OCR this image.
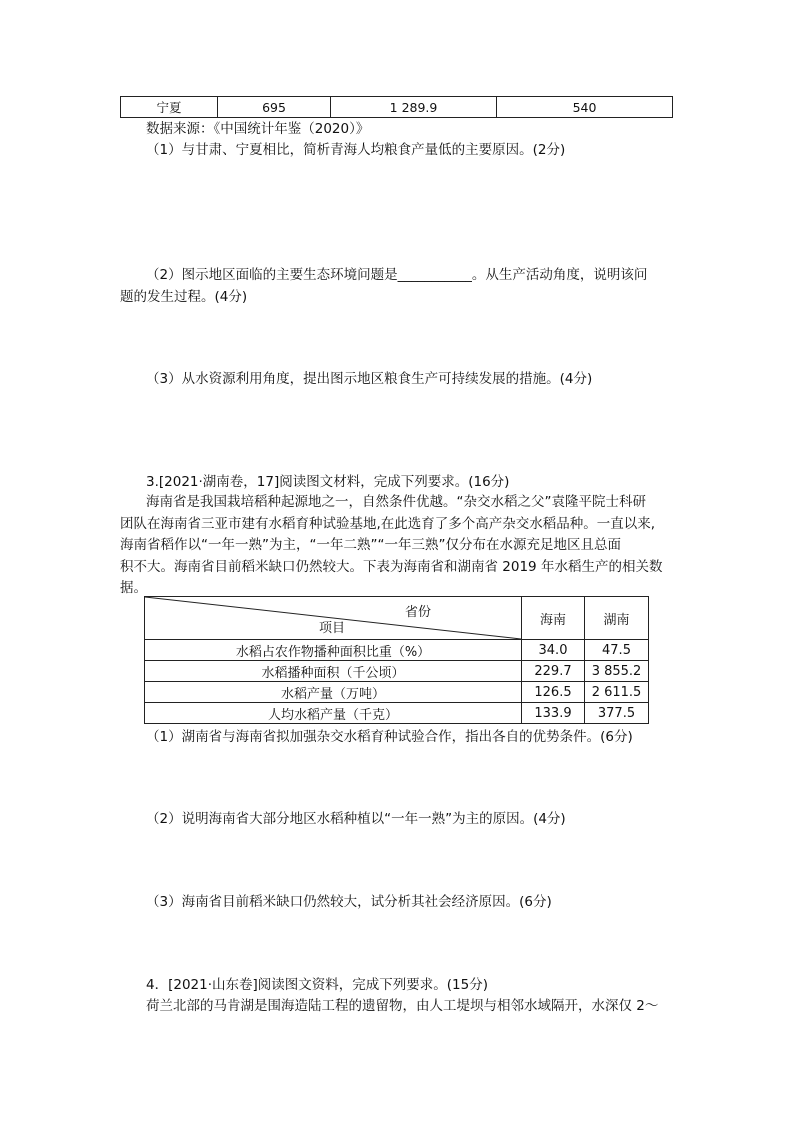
宁夏	695	1 289.9	540
数据来源：《中国统计年鉴（2020）》
（1）与甘肃、宁夏相比，简析青海人均粮食产量低的主要原因。(2分)
（2）图示地区面临的主要生态环境问题是___________。从生产活动角度，说明该问
题的发生过程。(4分)
（3）从水资源利用角度，提出图示地区粮食生产可持续发展的措施。(4分)
3.[2021·湖南卷，17]阅读图文材料，完成下列要求。(16分)
海南省是我国栽培稻种起源地之一，自然条件优越。“杂交水稻之父”袁隆平院士科研
团队在海南省三亚市建有水稻育种试验基地,在此选育了多个高产杂交水稻品种。一直以来,
海南省稻作以“一年一熟”为主，“一年二熟”“一年三熟”仅分布在水源充足地区且总面
积不大。海南省目前稻米缺口仍然较大。下表为海南省和湖南省 2019 年水稻生产的相关数
据。
省份
项目	海南	湖南
水稻占农作物播种面积比重（%）	34.0	47.5
水稻播种面积（千公顷）	229.7	3 855.2
水稻产量（万吨）	126.5	2 611.5
人均水稻产量（千克）	133.9	377.5
（1）湖南省与海南省拟加强杂交水稻育种试验合作，指出各自的优势条件。(6分)
（2）说明海南省大部分地区水稻种植以“一年一熟”为主的原因。(4分)
（3）海南省目前稻米缺口仍然较大，试分析其社会经济原因。(6分)
4．[2021·山东卷]阅读图文资料，完成下列要求。(15分)
荷兰北部的马肯湖是围海造陆工程的遗留物，由人工堤坝与相邻水域隔开，水深仅 2～
